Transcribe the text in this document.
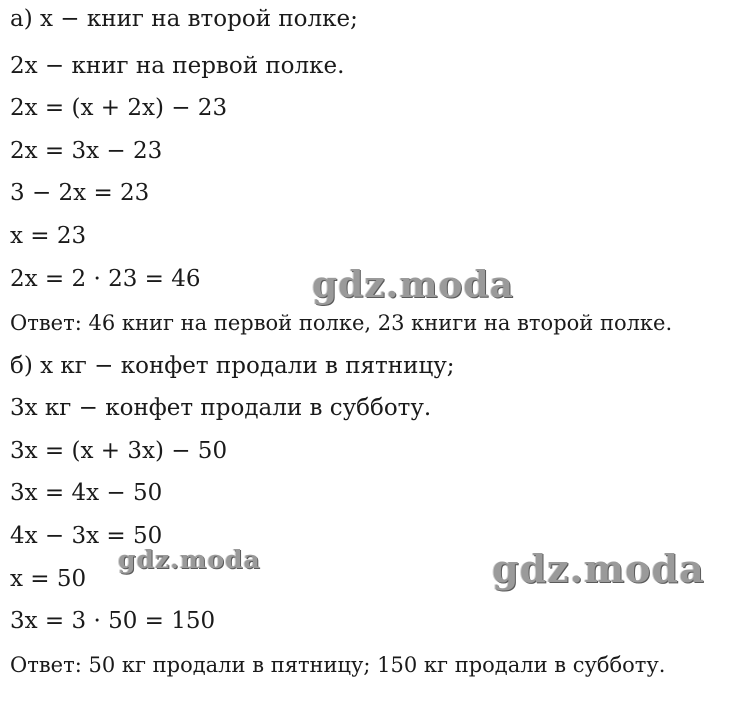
а) x − книг на второй полке;
2x − книг на первой полке.
2x = (x + 2x) − 23
2x = 3x − 23
3 − 2x = 23
x = 23
2x = 2 · 23 = 46
Ответ: 46 книг на первой полке, 23 книги на второй полке.
б) x кг − конфет продали в пятницу;
3x кг − конфет продали в субботу.
3x = (x + 3x) − 50
3x = 4x − 50
4x − 3x = 50
x = 50
3x = 3 · 50 = 150
Ответ: 50 кг продали в пятницу; 150 кг продали в субботу.
gdz.moda
gdz.moda	gdz.moda
